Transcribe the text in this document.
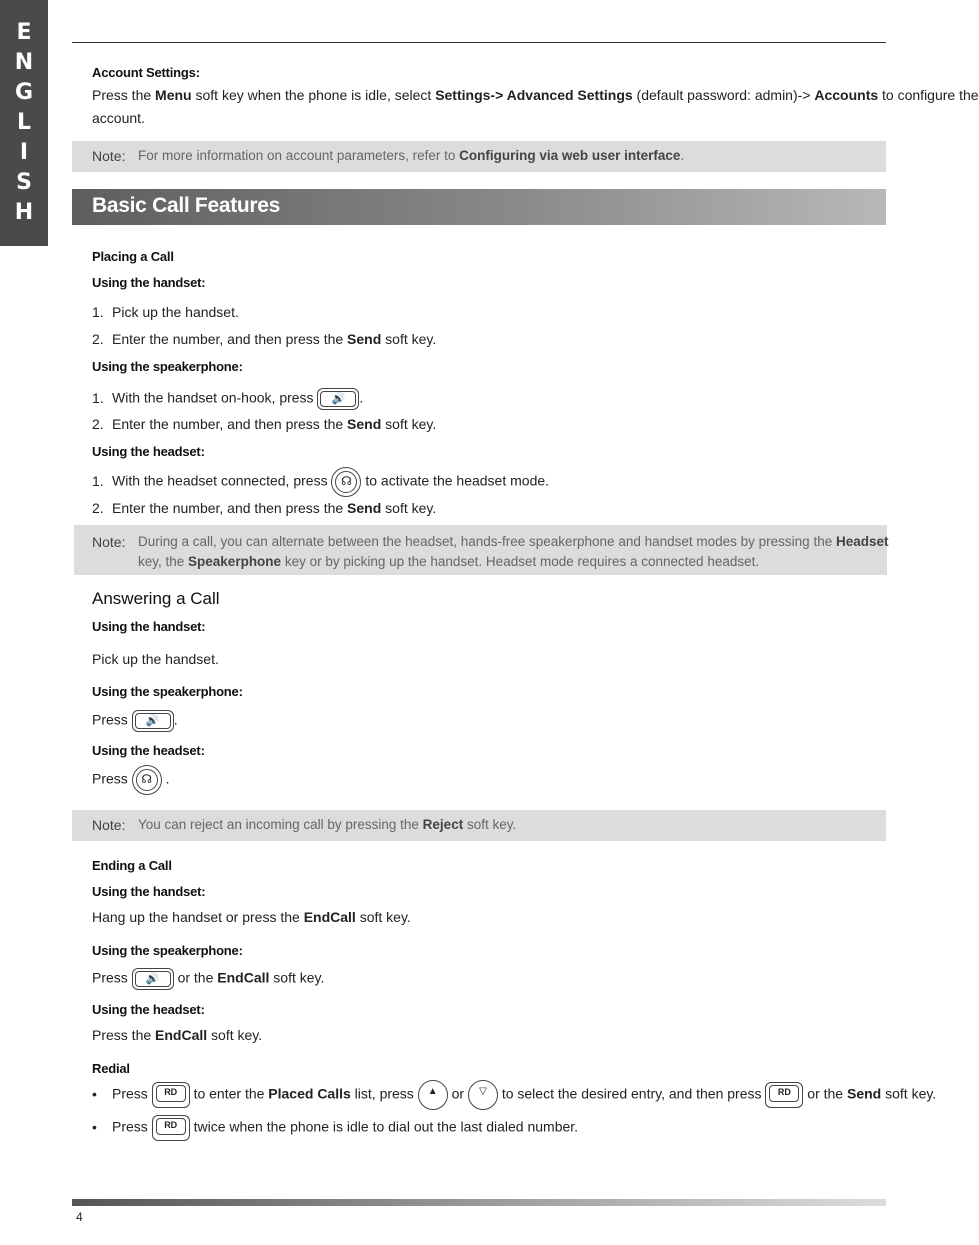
E
N
G
L
I
S
H
Account Settings:
Press the Menu soft key when the phone is idle, select Settings-> Advanced Settings (default password: admin)-> Accounts to configure the
account.
Note: For more information on account parameters, refer to Configuring via web user interface.
Basic Call Features
Placing a Call
Using the handset:
1. Pick up the handset.
2. Enter the number, and then press the Send soft key.
Using the speakerphone:
1. With the handset on-hook, press	🔊	.
2. Enter the number, and then press the Send soft key.
Using the headset:
1. With the headset connected, press ☊ to activate the headset mode.
2. Enter the number, and then press the Send soft key.
Note: During a call, you can alternate between the headset, hands-free speakerphone and handset modes by pressing the Headset
key, the Speakerphone key or by picking up the handset. Headset mode requires a connected headset.
Answering a Call
Using the handset:
Pick up the handset.
Using the speakerphone:
Press	🔊	.
Using the headset:
Press ☊ .
Note: You can reject an incoming call by pressing the Reject soft key.
Ending a Call
Using the handset:
Hang up the handset or press the EndCall soft key.
Using the speakerphone:
Press	🔊	or the EndCall soft key.
Using the headset:
Press the EndCall soft key.
Redial
• Press	RD to enter the Placed Calls list, press	▲ or	▽ to select the desired entry, and then press	RD or the Send soft key.
• Press	RD twice when the phone is idle to dial out the last dialed number.
4
